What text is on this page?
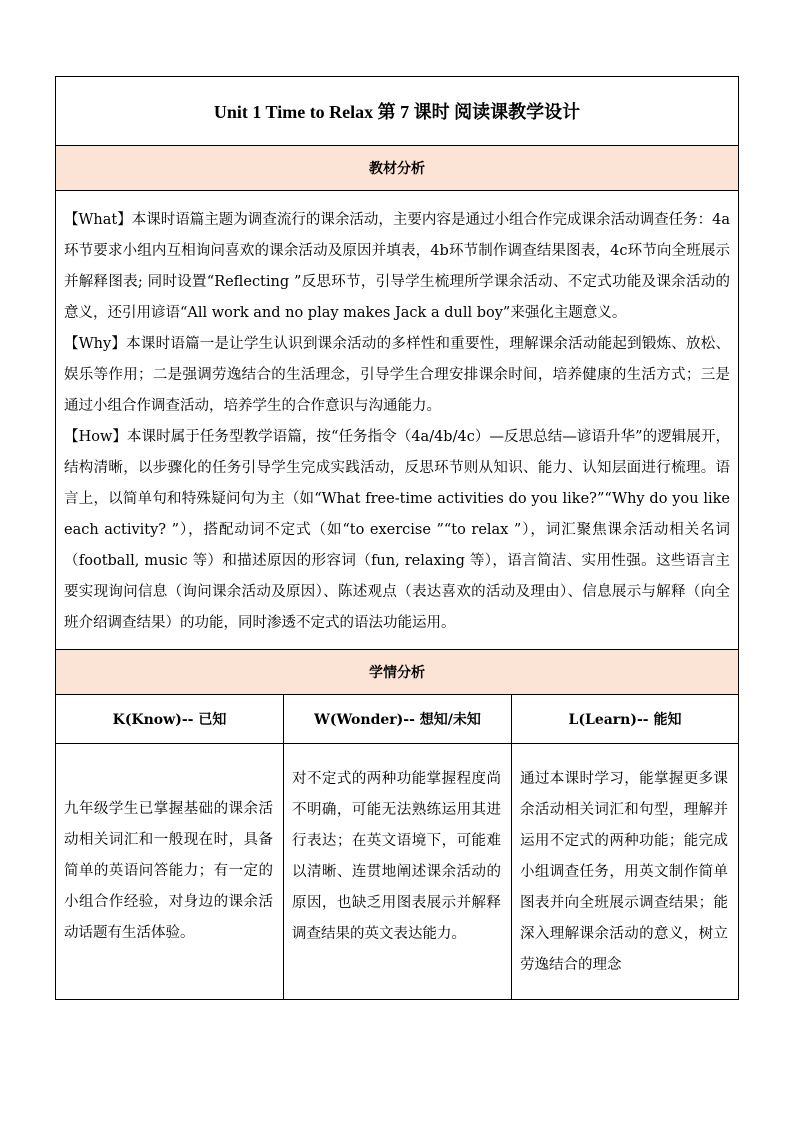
Unit 1 Time to Relax 第 7 课时 阅读课教学设计		
教材分析		

【What】本课时语篇主题为调查流行的课余活动，主要内容是通过小组合作完成课余活动调查任务：4a环节要求小组内互相询问喜欢的课余活动及原因并填表，4b环节制作调查结果图表，4c环节向全班展示并解释图表; 同时设置“Reflecting ”反思环节，引导学生梳理所学课余活动、不定式功能及课余活动的意义，还引用谚语“All work and no play makes Jack a dull boy”来强化主题意义。

【Why】本课时语篇一是让学生认识到课余活动的多样性和重要性，理解课余活动能起到锻炼、放松、娱乐等作用；二是强调劳逸结合的生活理念，引导学生合理安排课余时间，培养健康的生活方式；三是通过小组合作调查活动，培养学生的合作意识与沟通能力。

【How】本课时属于任务型教学语篇，按“任务指令（4a/4b/4c）—反思总结—谚语升华”的逻辑展开，结构清晰，以步骤化的任务引导学生完成实践活动，反思环节则从知识、能力、认知层面进行梳理。语言上，以简单句和特殊疑问句为主（如“What free-time activities do you like?”“Why do you like each activity? ”），搭配动词不定式（如“to exercise ”“to relax ”），词汇聚焦课余活动相关名词（football, music 等）和描述原因的形容词（fun, relaxing 等），语言简洁、实用性强。这些语言主要实现询问信息（询问课余活动及原因）、陈述观点（表达喜欢的活动及理由）、信息展示与解释（向全班介绍调查结果）的功能，同时渗透不定式的语法功能运用。		

学情分析		
K(Know)-- 已知	W(Wonder)-- 想知/未知	L(Learn)-- 能知
九年级学生已掌握基础的课余活动相关词汇和一般现在时，具备简单的英语问答能力；有一定的小组合作经验，对身边的课余活动话题有生活体验。	对不定式的两种功能掌握程度尚不明确，可能无法熟练运用其进行表达；在英文语境下，可能难以清晰、连贯地阐述课余活动的原因，也缺乏用图表展示并解释调查结果的英文表达能力。	通过本课时学习，能掌握更多课余活动相关词汇和句型，理解并运用不定式的两种功能；能完成小组调查任务，用英文制作简单图表并向全班展示调查结果；能深入理解课余活动的意义，树立劳逸结合的理念
